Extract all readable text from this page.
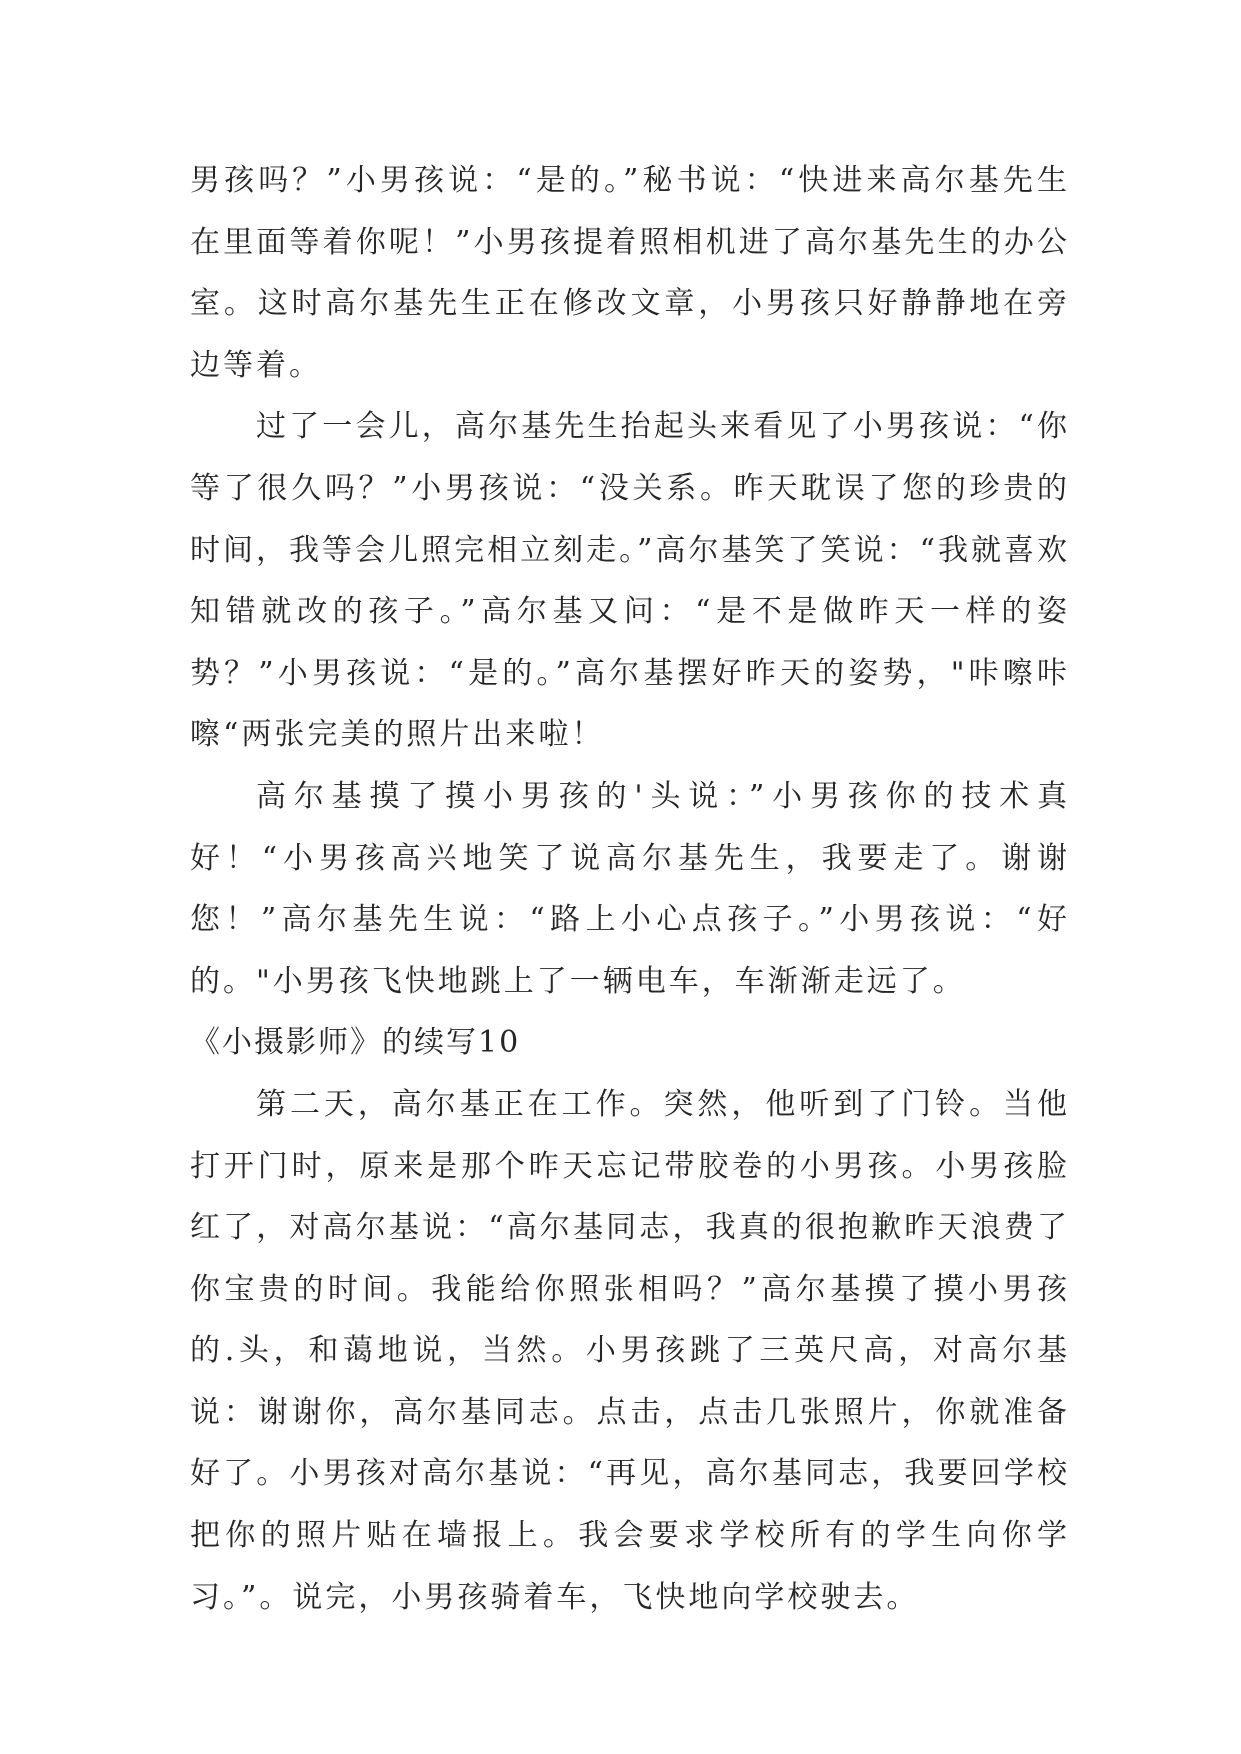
男孩吗？”小男孩说：“是的。”秘书说：“快进来高尔基先生在里面等着你呢！”小男孩提着照相机进了高尔基先生的办公室。这时高尔基先生正在修改文章，小男孩只好静静地在旁边等着。

过了一会儿，高尔基先生抬起头来看见了小男孩说：“你等了很久吗？”小男孩说：“没关系。昨天耽误了您的珍贵的时间，我等会儿照完相立刻走。”高尔基笑了笑说：“我就喜欢知错就改的孩子。”高尔基又问：“是不是做昨天一样的姿势？”小男孩说：“是的。”高尔基摆好昨天的姿势，"咔嚓咔嚓“两张完美的照片出来啦！

高尔基摸了摸小男孩的'头说：”小男孩你的技术真好！“小男孩高兴地笑了说高尔基先生，我要走了。谢谢您！”高尔基先生说：“路上小心点孩子。”小男孩说：“好的。"小男孩飞快地跳上了一辆电车，车渐渐走远了。

《小摄影师》的续写10

第二天，高尔基正在工作。突然，他听到了门铃。当他打开门时，原来是那个昨天忘记带胶卷的小男孩。小男孩脸红了，对高尔基说：“高尔基同志，我真的很抱歉昨天浪费了你宝贵的时间。我能给你照张相吗？”高尔基摸了摸小男孩的.头，和蔼地说，当然。小男孩跳了三英尺高，对高尔基说：谢谢你，高尔基同志。点击，点击几张照片，你就准备好了。小男孩对高尔基说：“再见，高尔基同志，我要回学校把你的照片贴在墙报上。我会要求学校所有的学生向你学习。”。说完，小男孩骑着车，飞快地向学校驶去。
